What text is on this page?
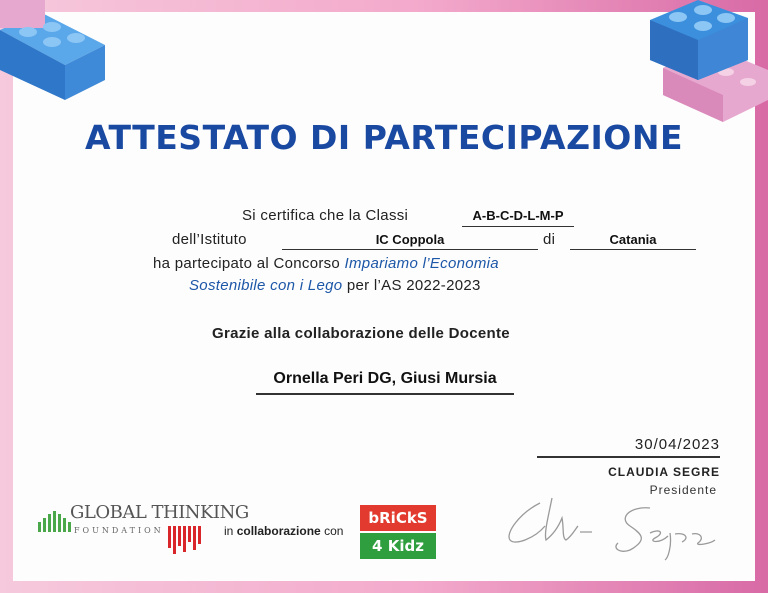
ATTESTATO DI PARTECIPAZIONE
Si certifica che la Classi	A-B-C-D-L-M-P
dell’Istituto	IC Coppola	di	Catania
ha partecipato al Concorso Impariamo l’Economia
Sostenibile con i Lego per l’AS 2022-2023
Grazie alla collaborazione delle Docente
Ornella Peri DG, Giusi Mursia
30/04/2023
CLAUDIA SEGRE
Presidente
GLOBAL THINKING
FOUNDATION	in collaborazione con
bRiCkS
4 Kidz
